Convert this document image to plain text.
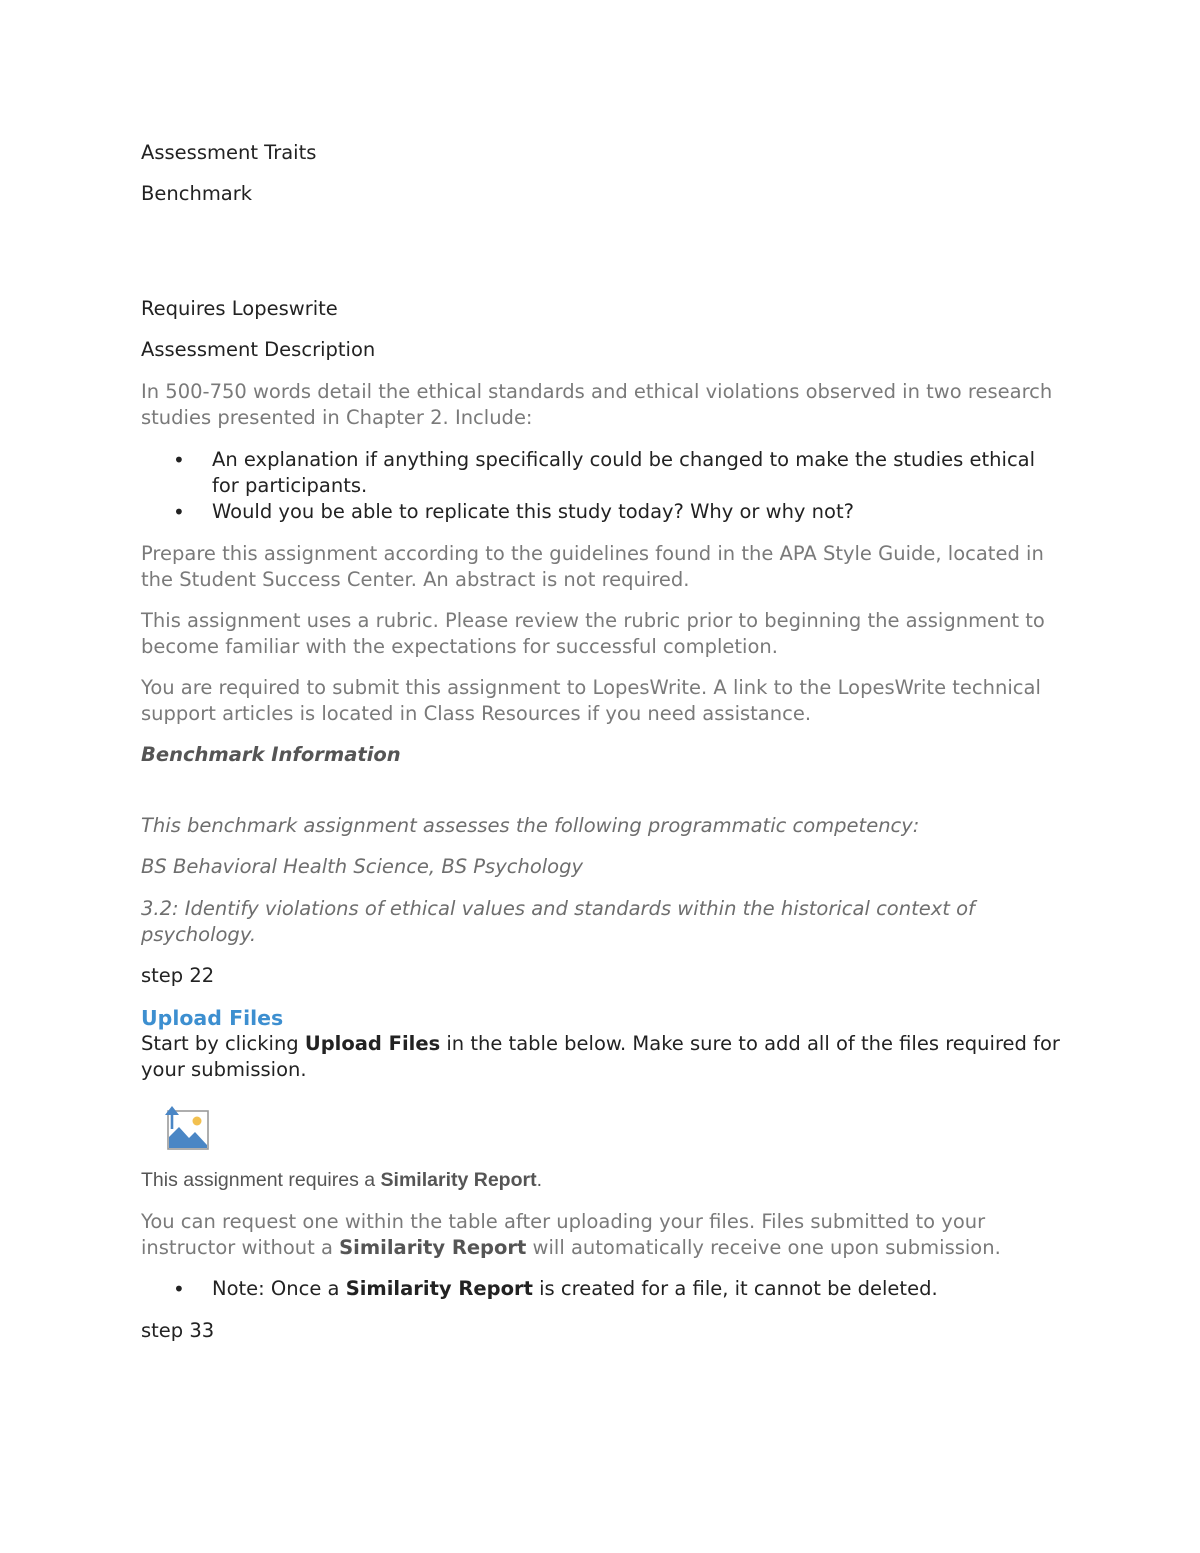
Assessment Traits

Benchmark

Requires Lopeswrite

Assessment Description

In 500-750 words detail the ethical standards and ethical violations observed in two research studies presented in Chapter 2. Include:

• An explanation if anything specifically could be changed to make the studies ethical for participants.
• Would you be able to replicate this study today? Why or why not?

Prepare this assignment according to the guidelines found in the APA Style Guide, located in the Student Success Center. An abstract is not required.

This assignment uses a rubric. Please review the rubric prior to beginning the assignment to become familiar with the expectations for successful completion.

You are required to submit this assignment to LopesWrite. A link to the LopesWrite technical support articles is located in Class Resources if you need assistance.

Benchmark Information

This benchmark assignment assesses the following programmatic competency:

BS Behavioral Health Science, BS Psychology

3.2: Identify violations of ethical values and standards within the historical context of psychology.

step 22

Upload Files

Start by clicking Upload Files in the table below. Make sure to add all of the files required for your submission.

This assignment requires a Similarity Report.

You can request one within the table after uploading your files. Files submitted to your instructor without a Similarity Report will automatically receive one upon submission.

• Note: Once a Similarity Report is created for a file, it cannot be deleted.

step 33
